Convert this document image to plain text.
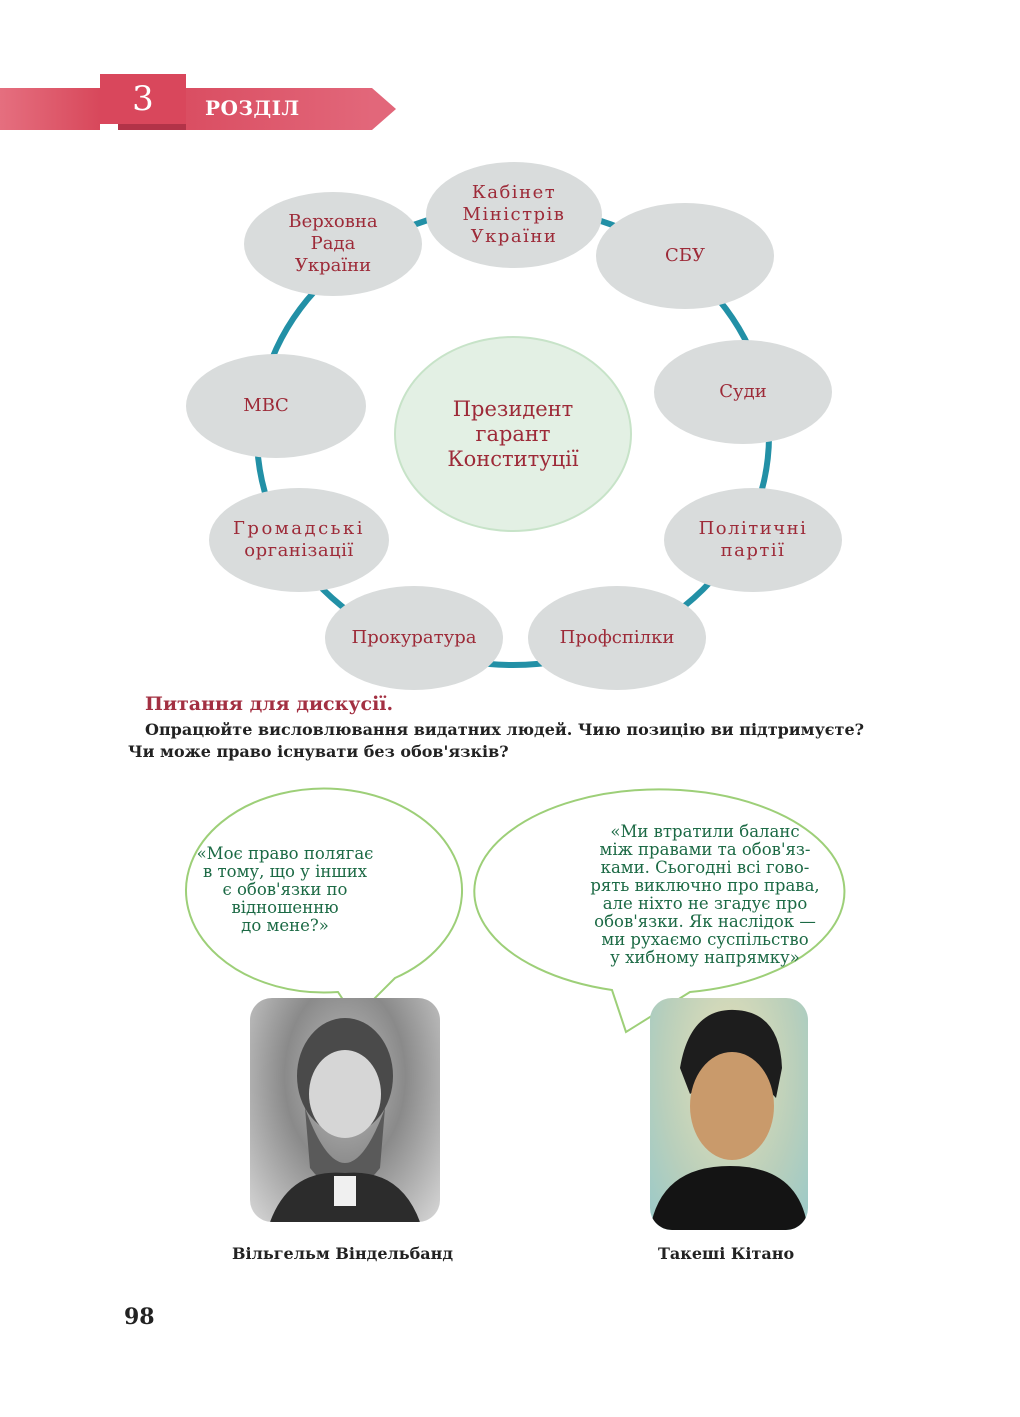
3	РОЗДІЛ
Президент
гарант
Конституції
Кабінет
Міністрів
України
СБУ
Суди
Політичні
партії
Профспілки
Прокуратура
Громадські
організації
МВС
Верховна
Рада
України
Питання для дискусії.
Опрацюйте висловлювання видатних людей. Чию позицію ви підтримуєте?
Чи може право існувати без обов'язків?
«Моє право полягає
в тому, що у інших
є обов'язки по
відношенню
до мене?»
«Ми втратили баланс
між правами та обов'яз-
ками. Сьогодні всі гово-
рять виключно про права,
але ніхто не згадує про
обов'язки. Як наслідок —
ми рухаємо суспільство
у хибному напрямку»
Вільгельм Віндельбанд	Такеші Кітано
98
